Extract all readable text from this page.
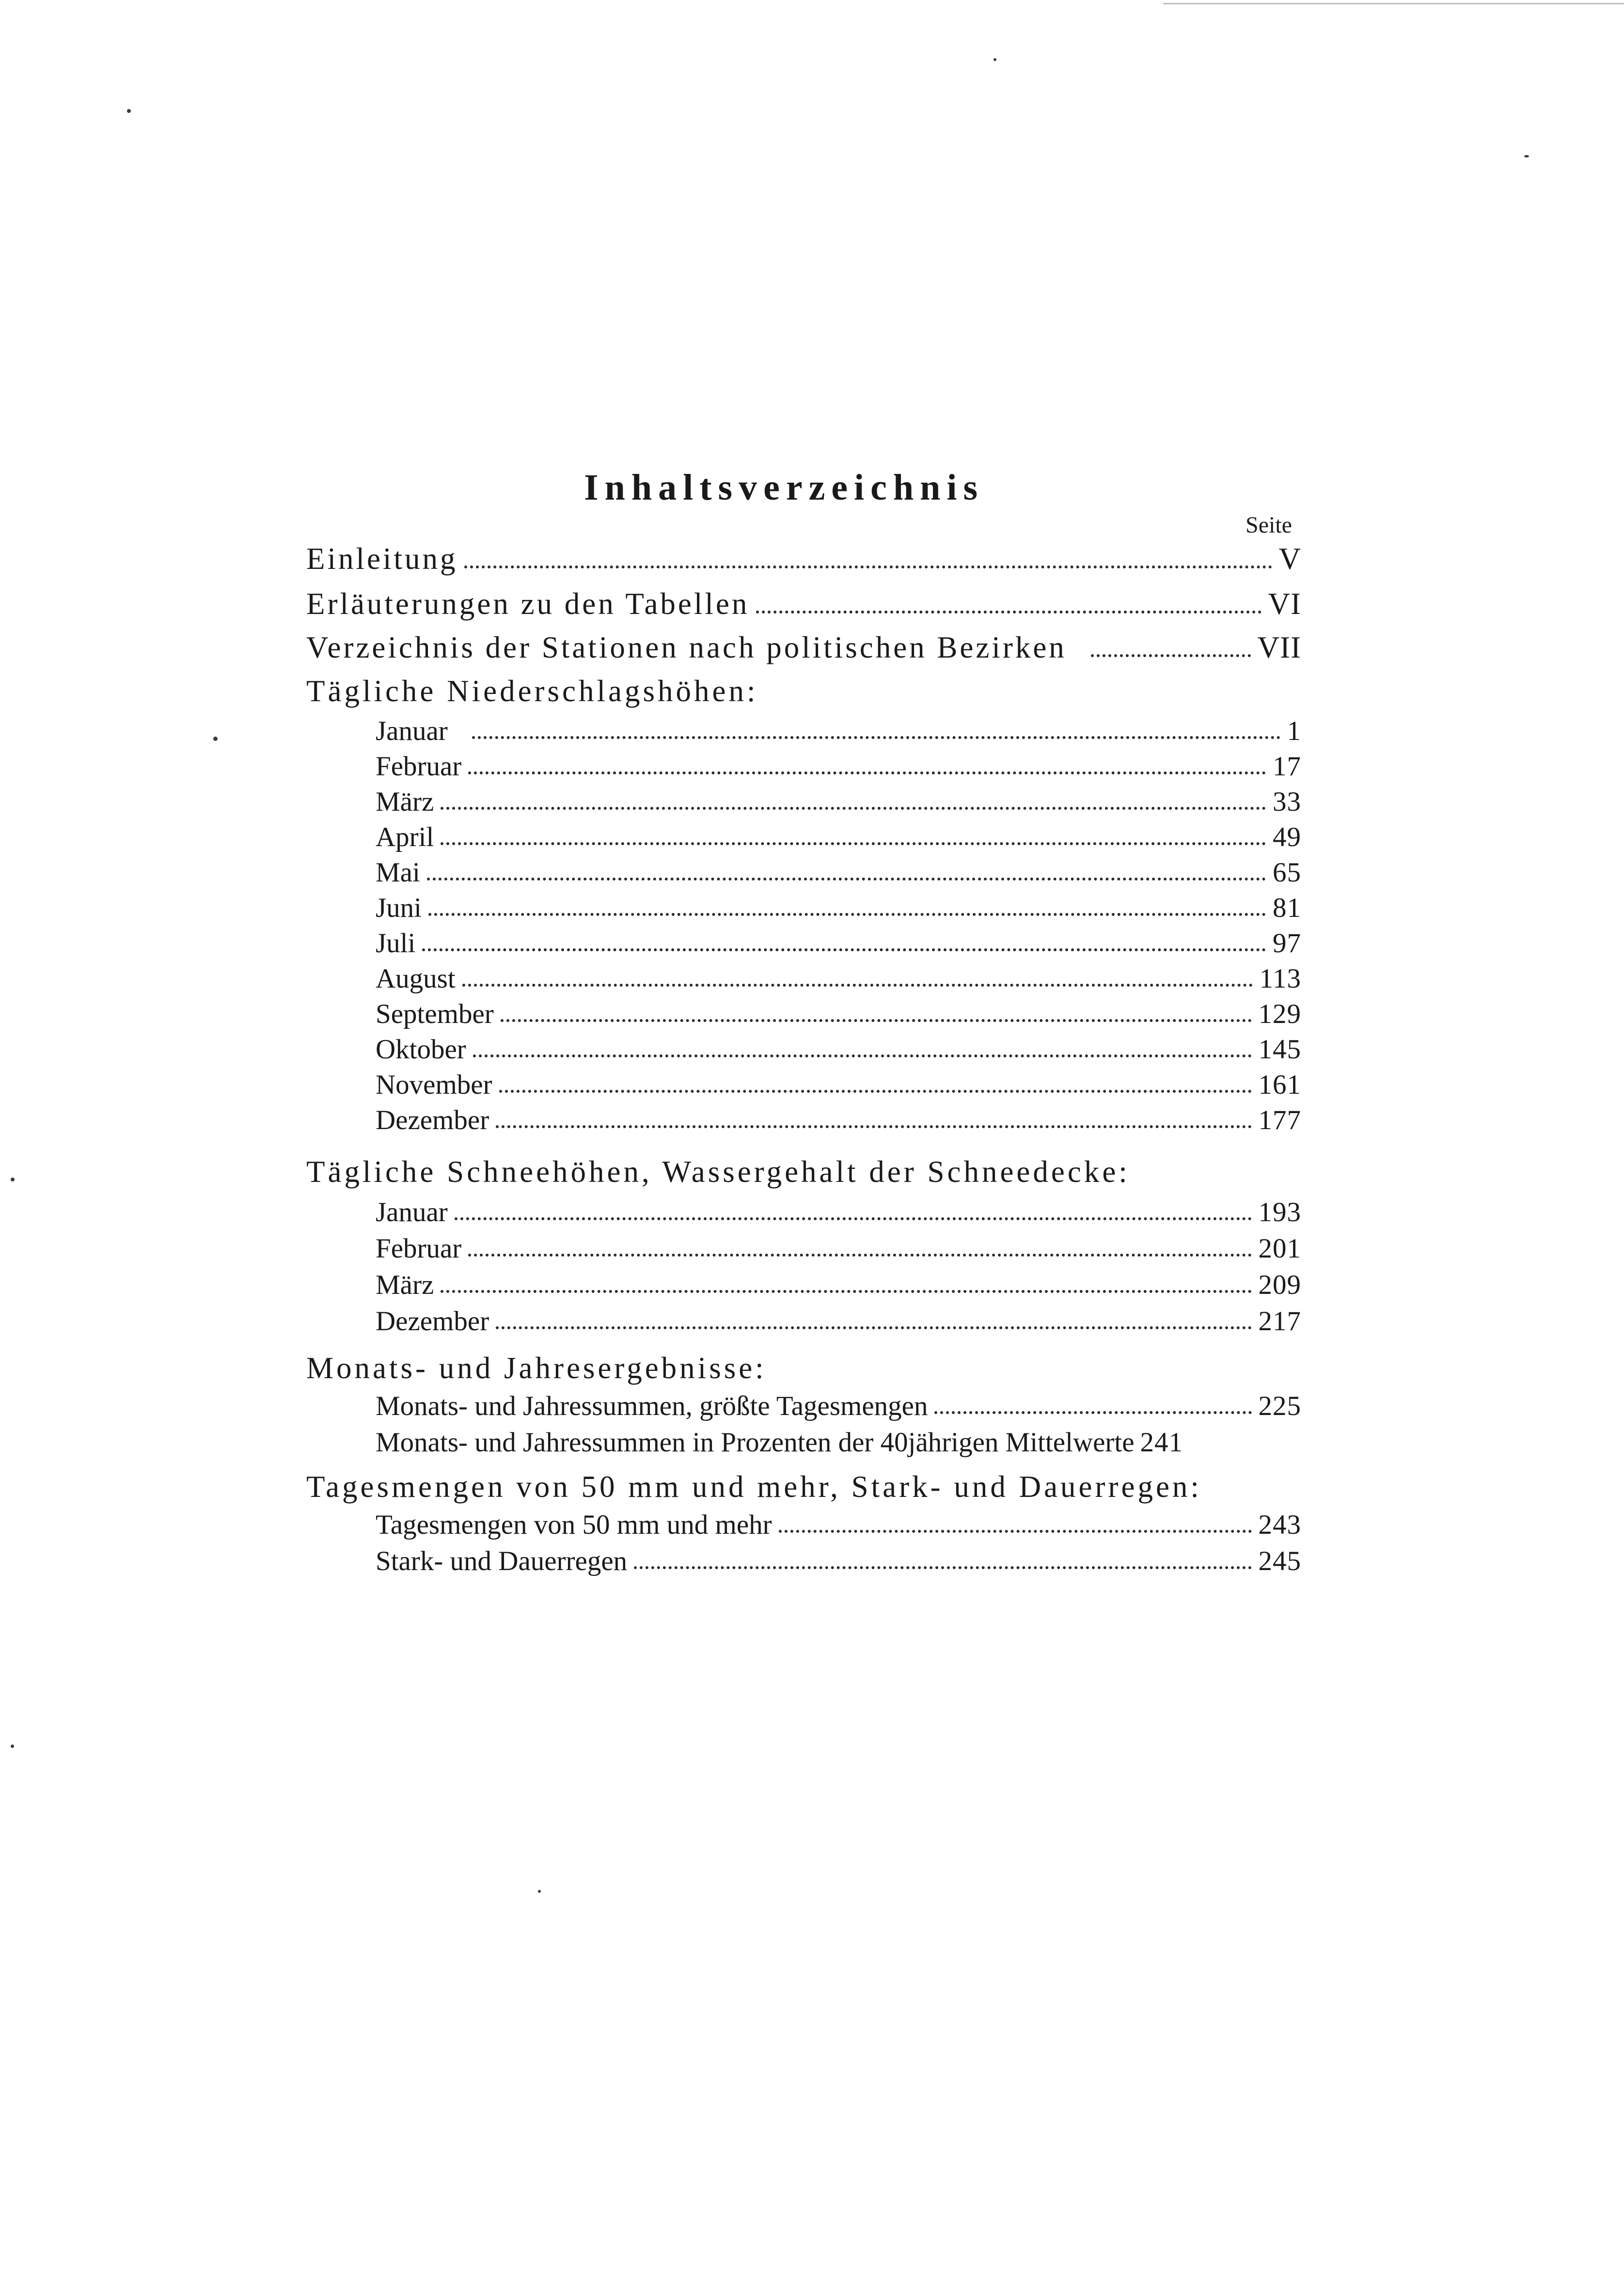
Inhaltsverzeichnis
Seite
Einleitung	V
Erläuterungen zu den Tabellen	VI
Verzeichnis der Stationen nach politischen Bezirken	VII
Tägliche Niederschlagshöhen:
Januar	1
Februar	17
März	33
April	49
Mai	65
Juni	81
Juli	97
August	113
September	129
Oktober	145
November	161
Dezember	177
Tägliche Schneehöhen, Wassergehalt der Schneedecke:
Januar	193
Februar	201
März	209
Dezember	217
Monats- und Jahresergebnisse:
Monats- und Jahressummen, größte Tagesmengen	225
Monats- und Jahressummen in Prozenten der 40jährigen Mittelwerte 241
Tagesmengen von 50 mm und mehr, Stark- und Dauerregen:
Tagesmengen von 50 mm und mehr	243
Stark- und Dauerregen	245
